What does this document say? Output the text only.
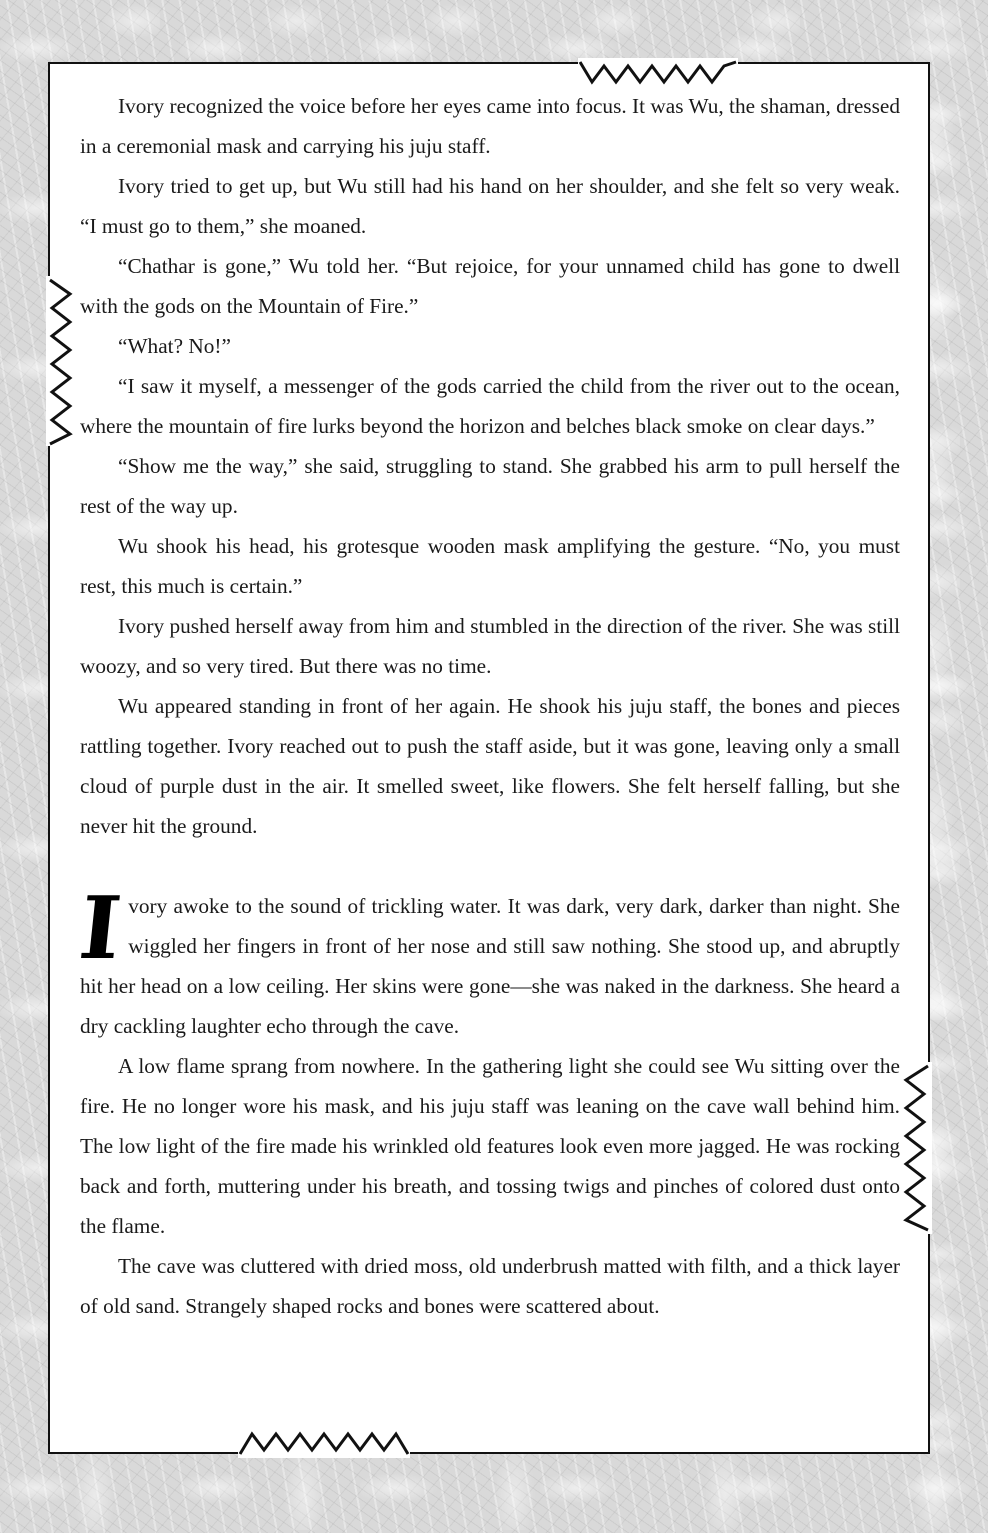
Ivory recognized the voice before her eyes came into focus. It was Wu, the shaman, dressed in a ceremonial mask and carrying his juju staff.

Ivory tried to get up, but Wu still had his hand on her shoulder, and she felt so very weak. “I must go to them,” she moaned.

“Chathar is gone,” Wu told her. “But rejoice, for your unnamed child has gone to dwell with the gods on the Mountain of Fire.”

“What? No!”

“I saw it myself, a messenger of the gods carried the child from the river out to the ocean, where the mountain of fire lurks beyond the horizon and belches black smoke on clear days.”

“Show me the way,” she said, struggling to stand. She grabbed his arm to pull herself the rest of the way up.

Wu shook his head, his grotesque wooden mask amplifying the gesture. “No, you must rest, this much is certain.”

Ivory pushed herself away from him and stumbled in the direction of the river. She was still woozy, and so very tired. But there was no time.

Wu appeared standing in front of her again. He shook his juju staff, the bones and pieces rattling together. Ivory reached out to push the staff aside, but it was gone, leaving only a small cloud of purple dust in the air. It smelled sweet, like flowers. She felt herself falling, but she never hit the ground.

Ivory awoke to the sound of trickling water. It was dark, very dark, darker than night. She wiggled her fingers in front of her nose and still saw nothing. She stood up, and abruptly hit her head on a low ceiling. Her skins were gone—she was naked in the darkness. She heard a dry cackling laughter echo through the cave.

A low flame sprang from nowhere. In the gathering light she could see Wu sitting over the fire. He no longer wore his mask, and his juju staff was leaning on the cave wall behind him. The low light of the fire made his wrinkled old features look even more jagged. He was rocking back and forth, muttering under his breath, and tossing twigs and pinches of colored dust onto the flame.

The cave was cluttered with dried moss, old underbrush matted with filth, and a thick layer of old sand. Strangely shaped rocks and bones were scattered about.
